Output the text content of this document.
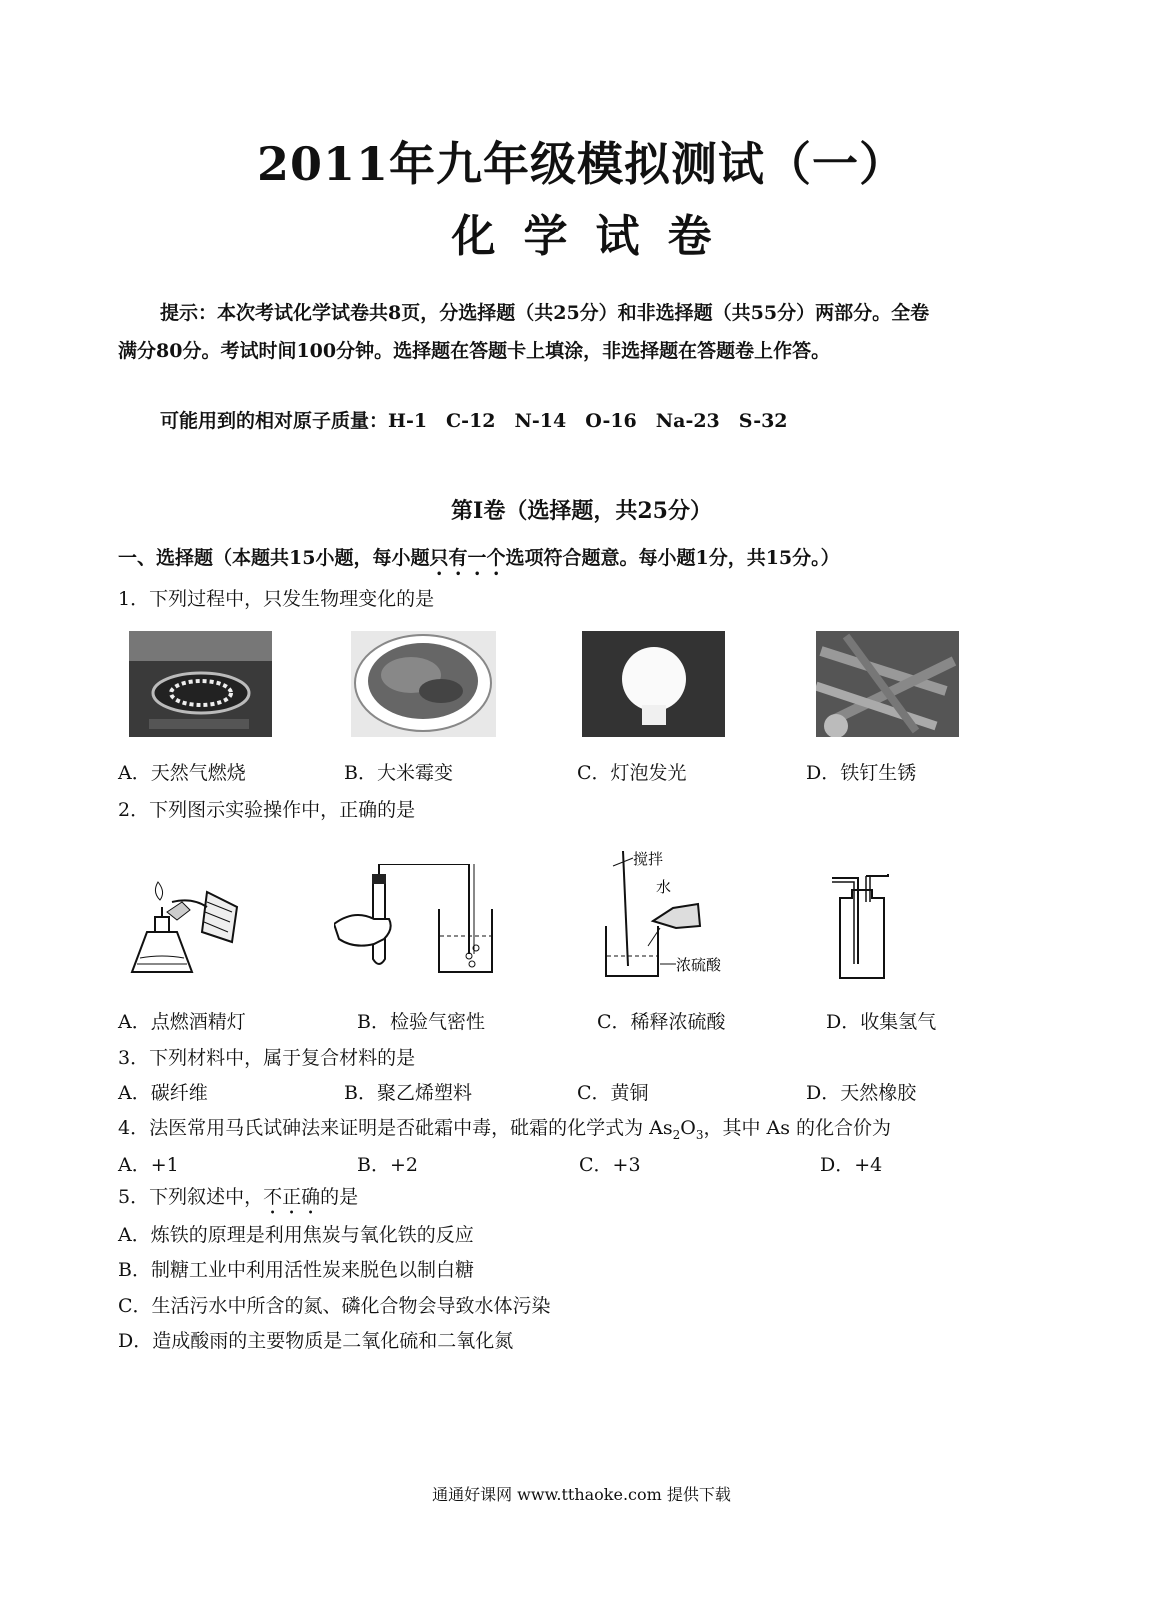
2011年九年级模拟测试（一）
化学试卷
提示：本次考试化学试卷共8页，分选择题（共25分）和非选择题（共55分）两部分。全卷
满分80分。考试时间100分钟。选择题在答题卡上填涂，非选择题在答题卷上作答。
可能用到的相对原子质量：H-1　C-12　N-14　O-16　Na-23　S-32
第Ⅰ卷（选择题，共25分）
一、选择题（本题共15小题，每小题只有一个选项符合题意。每小题1分，共15分。）
1．下列过程中，只发生物理变化的是
A．天然气燃烧	B．大米霉变	C．灯泡发光	D．铁钉生锈
2．下列图示实验操作中，正确的是
搅拌
水
浓硫酸
A．点燃酒精灯	B．检验气密性	C．稀释浓硫酸	D．收集氢气
3．下列材料中，属于复合材料的是
A．碳纤维	B．聚乙烯塑料	C．黄铜	D．天然橡胶
4．法医常用马氏试砷法来证明是否砒霜中毒，砒霜的化学式为 $As_2O_3$，其中 As 的化合价为
A．+1	B．+2	C．+3	D．+4
5．下列叙述中，不正确的是
A．炼铁的原理是利用焦炭与氧化铁的反应
B．制糖工业中利用活性炭来脱色以制白糖
C．生活污水中所含的氮、磷化合物会导致水体污染
D．造成酸雨的主要物质是二氧化硫和二氧化氮
通通好课网 www.tthaoke.com 提供下载
